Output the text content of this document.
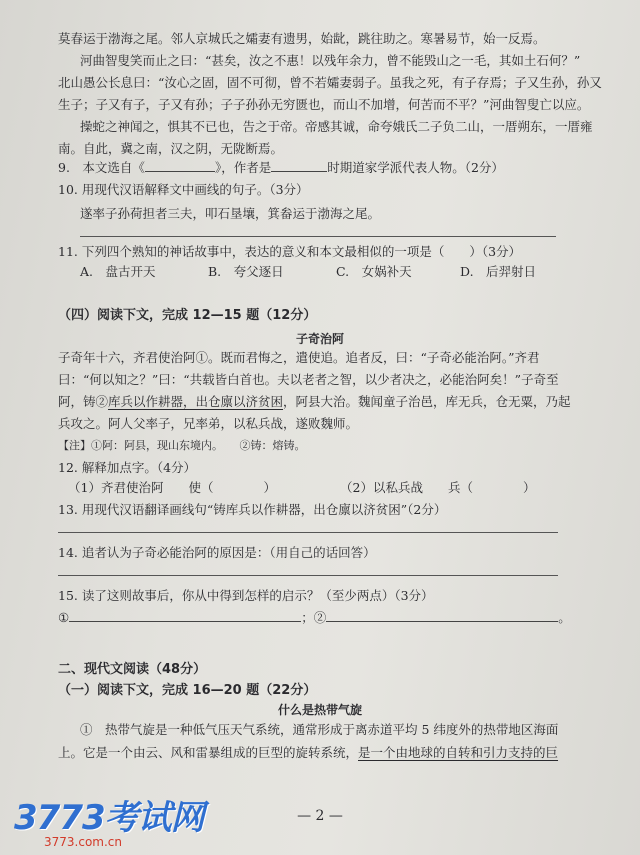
莫春运于渤海之尾。邻人京城氏之孀妻有遗男，始龀，跳往助之。寒暑易节，始一反焉。
河曲智叟笑而止之曰：“甚矣，汝之不惠！以残年余力，曾不能毁山之一毛，其如土石何？”
北山愚公长息曰：“汝心之固，固不可彻，曾不若孀妻弱子。虽我之死，有子存焉；子又生孙，孙又
生子；子又有子，子又有孙；子子孙孙无穷匮也，而山不加增，何苦而不平？”河曲智叟亡以应。
操蛇之神闻之，惧其不已也，告之于帝。帝感其诚，命夸娥氏二子负二山，一厝朔东，一厝雍
南。自此，冀之南，汉之阴，无陇断焉。
9.　本文选自《	》，作者是	时期道家学派代表人物。（2分）
10. 用现代汉语解释文中画线的句子。（3分）
遂率子孙荷担者三夫，叩石垦壤，箕畚运于渤海之尾。
11. 下列四个熟知的神话故事中，表达的意义和本文最相似的一项是（　　）（3分）
A.　盘古开天	B.　夸父逐日	C.　女娲补天	D.　后羿射日
（四）阅读下文，完成 12—15 题（12分）
子奇治阿
子奇年十六，齐君使治阿①。既而君悔之，遣使追。追者反，曰：“子奇必能治阿。”齐君
曰：“何以知之？”曰：“共载皆白首也。夫以老者之智，以少者决之，必能治阿矣！”子奇至
阿，铸②库兵以作耕器，出仓廪以济贫困，阿县大治。魏闻童子治邑，库无兵，仓无粟，乃起
兵攻之。阿人父率子，兄率弟，以私兵战，遂败魏师。
【注】①阿：阿县，现山东境内。　　②铸：熔铸。
12. 解释加点字。（4分）
（1）齐君使治阿　　使（　　　　）	（2）以私兵战　　兵（　　　　）
13. 用现代汉语翻译画线句“铸库兵以作耕器，出仓廪以济贫困”（2分）
14. 追者认为子奇必能治阿的原因是：（用自己的话回答）
15. 读了这则故事后，你从中得到怎样的启示？（至少两点）（3分）
①	；②	。
二、现代文阅读（48分）
（一）阅读下文，完成 16—20 题（22分）
什么是热带气旋
①　热带气旋是一种低气压天气系统，通常形成于离赤道平均 5 纬度外的热带地区海面
上。它是一个由云、风和雷暴组成的巨型的旋转系统，是一个由地球的自转和引力支持的巨
— 2 —
3773考试网
3773.com.cn
